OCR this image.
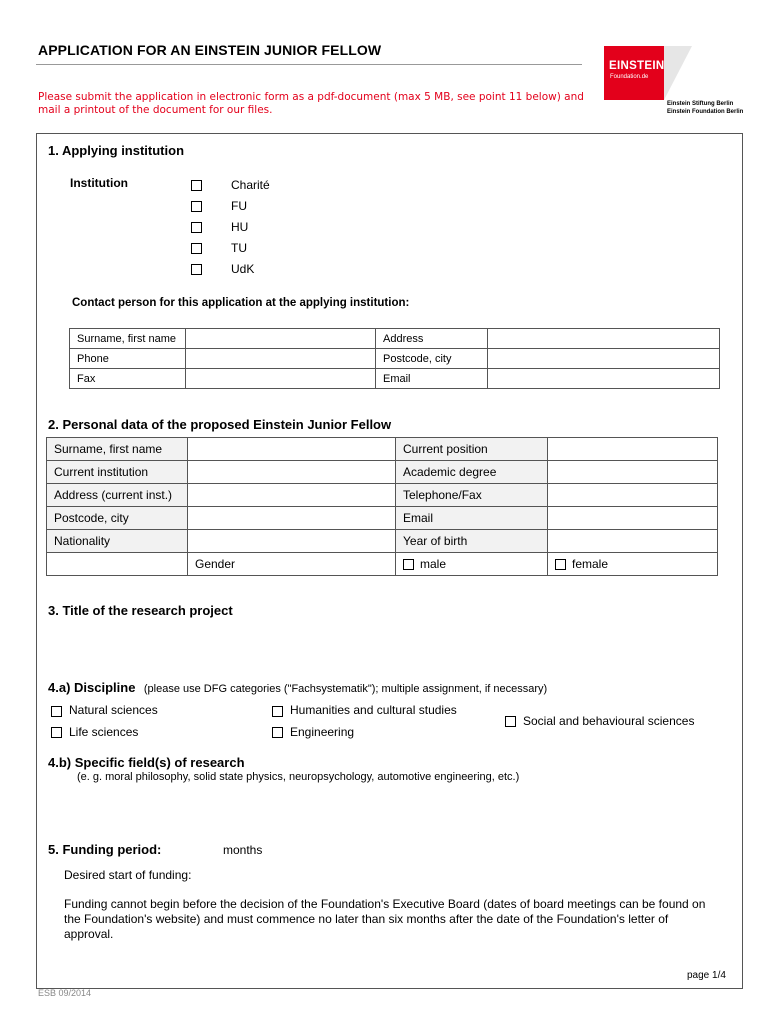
APPLICATION FOR AN EINSTEIN JUNIOR FELLOW
EINSTEIN
Foundation.de
Einstein Stiftung Berlin
Einstein Foundation Berlin
Please submit the application in electronic form as a pdf-document (max 5 MB, see point 11 below) and mail a printout of the document for our files.
1. Applying institution
Institution	Charité
FU
HU
TU
UdK
Contact person for this application at the applying institution:
Surname, first name		Address	
Phone		Postcode, city	
Fax		Email	
2. Personal data of the proposed Einstein Junior Fellow
Surname, first name		Current position	
Current institution		Academic degree	
Address (current inst.)		Telephone/Fax	
Postcode, city		Email	
Nationality		Year of birth	
	Gender	male	female
3. Title of the research project
4.a) Discipline (please use DFG categories ("Fachsystematik"); multiple assignment, if necessary)
Natural sciences
Life sciences
Humanities and cultural studies
Engineering
Social and behavioural sciences
4.b) Specific field(s) of research
(e. g. moral philosophy, solid state physics, neuropsychology, automotive engineering, etc.)
5. Funding period:	months
Desired start of funding:
Funding cannot begin before the decision of the Foundation's Executive Board (dates of board meetings can be found on the Foundation's website) and must commence no later than six months after the date of the Foundation's letter of approval.
page 1/4
ESB 09/2014
